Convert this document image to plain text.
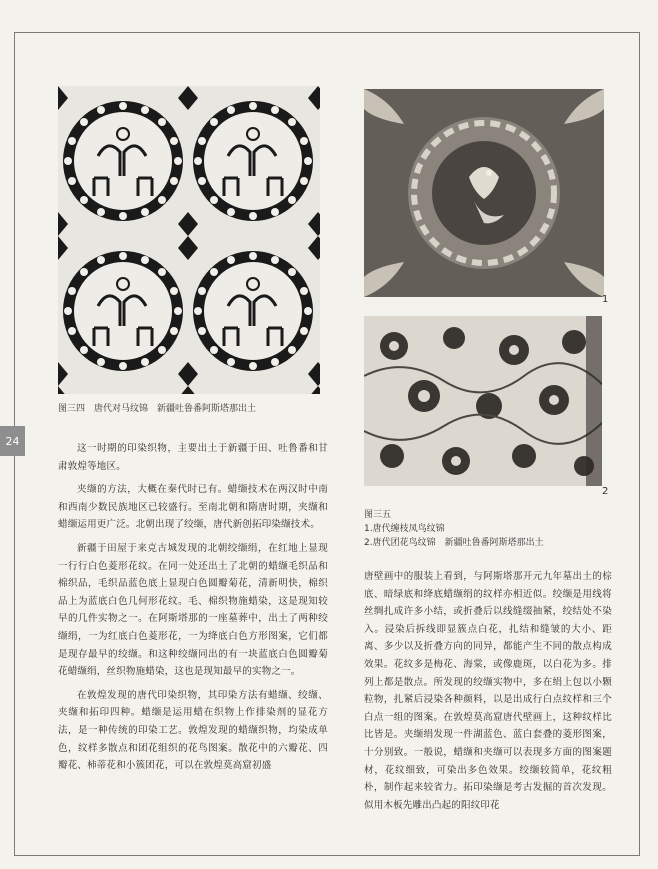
24
图三四　唐代对马纹锦　新疆吐鲁番阿斯塔那出土
1
2
图三五
1.唐代缠枝凤鸟纹锦
2.唐代团花鸟纹锦　新疆吐鲁番阿斯塔那出土

这一时期的印染织物，主要出土于新疆于田、吐鲁番和甘肃敦煌等地区。

夹缬的方法，大概在秦代时已有。蜡缬技术在两汉时中南和西南少数民族地区已较盛行。至南北朝和隋唐时期，夹缬和蜡缬运用更广泛。北朝出现了绞缬，唐代新创拓印染缬技术。

新疆于田屋于来克古城发现的北朝绞缬绢，在红地上显现一行行白色菱形花纹。在同一处还出土了北朝的蜡缬毛织品和棉织品，毛织品蓝色底上显现白色圆瓣菊花，清新明快，棉织品上为蓝底白色几何形花纹。毛、棉织物施蜡染，这是现知较早的几件实物之一。在阿斯塔那的一座墓葬中，出土了两种绞缬绢，一为红底白色菱形花，一为绛底白色方形图案，它们都是现存最早的绞缬。和这种绞缬同出的有一块蓝底白色圆瓣菊花蜡缬绢，丝织物施蜡染，这也是现知最早的实物之一。

在敦煌发现的唐代印染织物，其印染方法有蜡缬、绞缬、夹缬和拓印四种。蜡缬是运用蜡在织物上作排染剂的显花方法，是一种传统的印染工艺。敦煌发现的蜡缬织物，均染成单色，纹样多散点和团花组织的花鸟图案。散花中的六瓣花、四瓣花、柿蒂花和小簇团花，可以在敦煌莫高窟初盛

唐壁画中的服装上看到，与阿斯塔那开元九年墓出土的棕底、暗绿底和绛底蜡缬绢的纹样亦相近似。绞缬是用线将丝绸扎成许多小结，或折叠后以线缝缀抽紧，绞结处不染入。浸染后拆线即显簇点白花，扎结和缝皱的大小、距离、多少以及折叠方向的同异，都能产生不同的散点构成效果。花纹多是梅花、海棠，或像鹿斑，以白花为多。排列上都是散点。所发现的绞缬实物中，多在绢上包以小颗粒物，扎紧后浸染各种颜料，以是出成行白点纹样和三个白点一组的图案。在敦煌莫高窟唐代壁画上，这种纹样比比皆是。夹缬绢发现一件湖蓝色、蓝白套叠的菱形图案，十分别致。一般说，蜡缬和夹缬可以表现多方面的图案题材，花纹细致，可染出多色效果。绞缬较简单，花纹粗朴，制作起来较省力。拓印染缬是考古发掘的首次发现。似用木板先雕出凸起的阳纹印花
